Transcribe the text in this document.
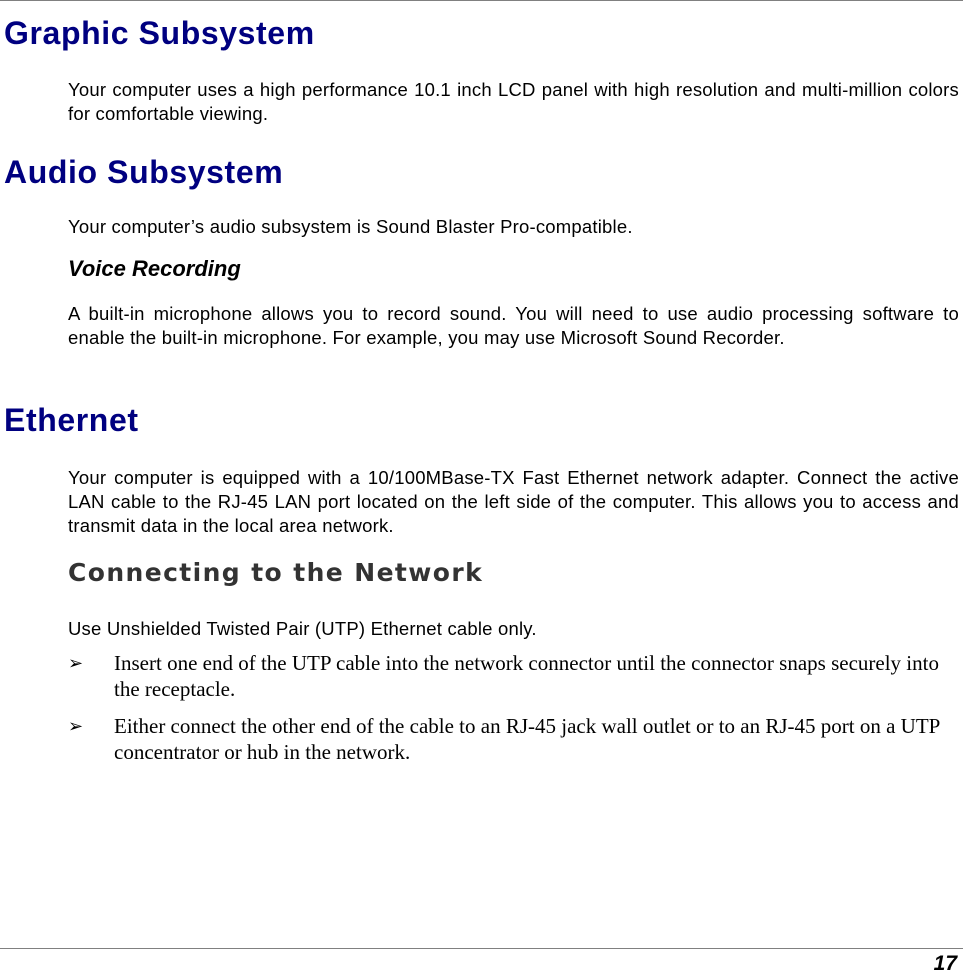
Graphic Subsystem

Your computer uses a high performance 10.1 inch LCD panel with high resolution and multi-million colors for comfortable viewing.

Audio Subsystem

Your computer’s audio subsystem is Sound Blaster Pro-compatible.

Voice Recording

A built-in microphone allows you to record sound. You will need to use audio processing software to enable the built-in microphone. For example, you may use Microsoft Sound Recorder.

Ethernet

Your computer is equipped with a 10/100MBase-TX Fast Ethernet network adapter. Connect the active LAN cable to the RJ-45 LAN port located on the left side of the computer. This allows you to access and transmit data in the local area network.

Connecting to the Network

Use Unshielded Twisted Pair (UTP) Ethernet cable only.

➢ Insert one end of the UTP cable into the network connector until the connector snaps securely into the receptacle.
➢ Either connect the other end of the cable to an RJ-45 jack wall outlet or to an RJ-45 port on a UTP concentrator or hub in the network.
17
